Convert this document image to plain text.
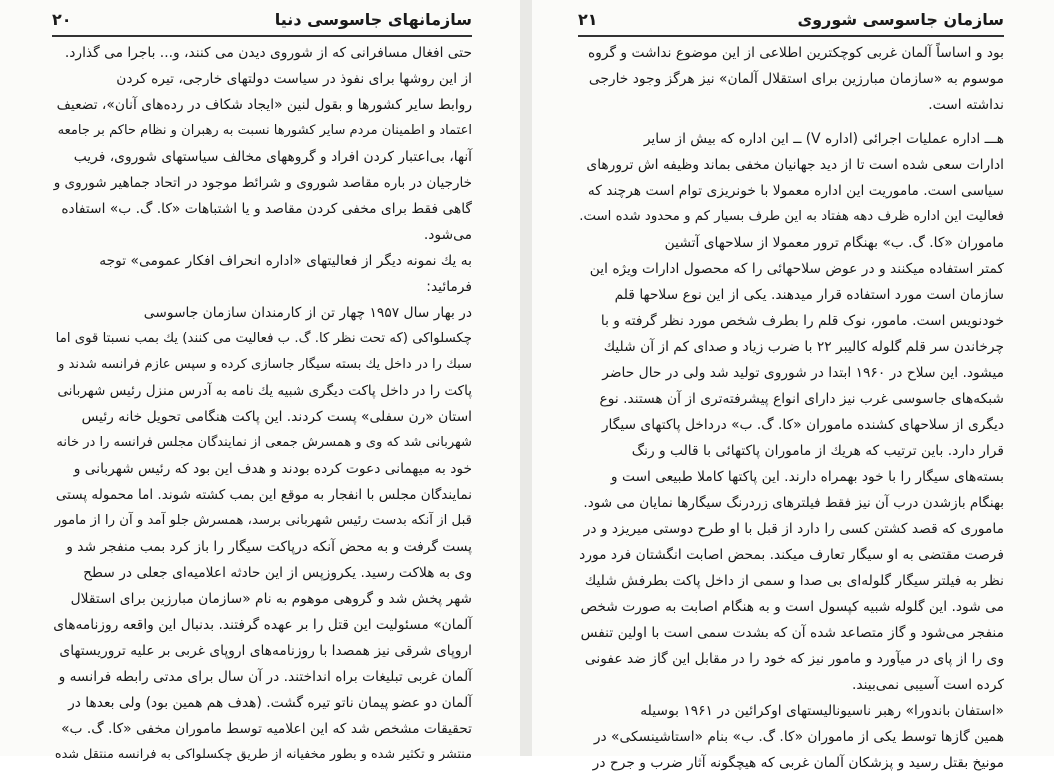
۲۰	سازمانهای جاسوسی دنیا
حتی افغال مسافرانی که از شوروی دیدن می کنند، و... باجرا می گذارد.
از این روشها برای نفوذ در سیاست دولتهای خارجی، تیره کردن
روابط سایر کشورها و بقول لنین «ایجاد شکاف در رده‌های آنان»، تضعیف
اعتماد و اطمینان مردم سایر کشورها نسبت به رهبران و نظام حاکم بر جامعه
آنها، بی‌اعتبار کردن افراد و گروههای مخالف سیاستهای شوروی، فریب
خارجیان در باره مقاصد شوروی و شرائط موجود در اتحاد جماهیر شوروی و
گاهی فقط برای مخفی کردن مقاصد و یا اشتباهات «کا. گ. ب» استفاده
می‌شود.
به یك نمونه دیگر از فعالیتهای «اداره انحراف افکار عمومی» توجه
فرمائید:
در بهار سال ۱۹۵۷ چهار تن از کارمندان سازمان جاسوسی
چکسلواکی (که تحت نظر کا. گ. ب فعالیت می کنند) یك بمب نسبتا قوی اما
سبك را در داخل یك بسته سیگار جاسازی کرده و سپس عازم فرانسه شدند و
پاکت را در داخل پاکت دیگری شبیه یك نامه به آدرس منزل رئیس شهربانی
استان «رن سفلی» پست کردند. این پاکت هنگامی تحویل خانه رئیس
شهربانی شد که وی و همسرش جمعی از نمایندگان مجلس فرانسه را در خانه
خود به میهمانی دعوت کرده بودند و هدف این بود که رئیس شهربانی و
نمایندگان مجلس با انفجار به موقع این بمب کشته شوند. اما محموله پستی
قبل از آنکه بدست رئیس شهربانی برسد، همسرش جلو آمد و آن را از مامور
پست گرفت و به محض آنکه درپاکت سیگار را باز کرد بمب منفجر شد و
وی به هلاکت رسید. یکروزپس از این حادثه اعلامیه‌ای جعلی در سطح
شهر پخش شد و گروهی موهوم به نام «سازمان مبارزین برای استقلال
آلمان» مسئولیت این قتل را بر عهده گرفتند. بدنبال این واقعه روزنامه‌های
اروپای شرقی نیز همصدا با روزنامه‌های اروپای غربی بر علیه تروریستهای
آلمان غربی تبلیغات براه انداختند. در آن سال برای مدتی رابطه فرانسه و
آلمان دو عضو پیمان ناتو تیره گشت. (هدف هم همین بود) ولی بعدها در
تحقیقات مشخص شد که این اعلامیه توسط ماموران مخفی «کا. گ. ب»
منتشر و تکثیر شده و بطور مخفیانه از طریق چکسلواکی به فرانسه منتقل شده
۲۱	سازمان جاسوسی شوروی
بود و اساساً آلمان غربی کوچکترین اطلاعی از این موضوع نداشت و گروه
موسوم به «سازمان مبارزین برای استقلال آلمان» نیز هرگز وجود خارجی
نداشته است.
هـ‌ــ اداره عملیات اجرائی (اداره V) ــ این اداره که بیش از سایر
ادارات سعی شده است تا از دید جهانیان مخفی بماند وظیفه اش ترورهای
سیاسی است. ماموریت این اداره معمولا با خونریزی توام است هرچند که
فعالیت این اداره ظرف دهه هفتاد به این طرف بسیار کم و محدود شده است.
ماموران «کا. گ. ب» بهنگام ترور معمولا از سلاحهای آتشین
کمتر استفاده میکنند و در عوض سلاحهائی را که محصول ادارات ویژه این
سازمان است مورد استفاده قرار میدهند. یکی از این نوع سلاحها قلم
خودنویس است. مامور، نوک قلم را بطرف شخص مورد نظر گرفته و با
چرخاندن سر قلم گلوله کالیبر ۲۲ با ضرب زیاد و صدای کم از آن شلیك
میشود. این سلاح در ۱۹۶۰ ابتدا در شوروی تولید شد ولی در حال حاضر
شبکه‌های جاسوسی غرب نیز دارای انواع پیشرفته‌تری از آن هستند. نوع
دیگری از سلاحهای کشنده ماموران «کا. گ. ب» درداخل پاکتهای سیگار
قرار دارد. باین ترتیب که هریك از ماموران پاکتهائی با قالب و رنگ
بسته‌های سیگار را با خود بهمراه دارند. این پاکتها کاملا طبیعی است و
بهنگام بازشدن درب آن نیز فقط فیلترهای زردرنگ سیگارها نمایان می شود.
ماموری که قصد کشتن کسی را دارد از قبل با او طرح دوستی میریزد و در
فرصت مقتضی به او سیگار تعارف میکند. بمحض اصابت انگشتان فرد مورد
نظر به فیلتر سیگار گلوله‌ای بی صدا و سمی از داخل پاکت بطرفش شلیك
می شود. این گلوله شبیه کپسول است و به هنگام اصابت به صورت شخص
منفجر می‌شود و گاز متصاعد شده آن که بشدت سمی است با اولین تنفس
وی را از پای در میآورد و مامور نیز که خود را در مقابل این گاز ضد عفونی
کرده است آسیبی نمی‌بیند.
«استفان باندورا» رهبر ناسیونالیستهای اوکرائین در ۱۹۶۱ بوسیله
همین گازها توسط یکی از ماموران «کا. گ. ب» بنام «استاشینسکی» در
مونیخ بقتل رسید و پزشکان آلمان غربی که هیچگونه آثار ضرب و جرح در
